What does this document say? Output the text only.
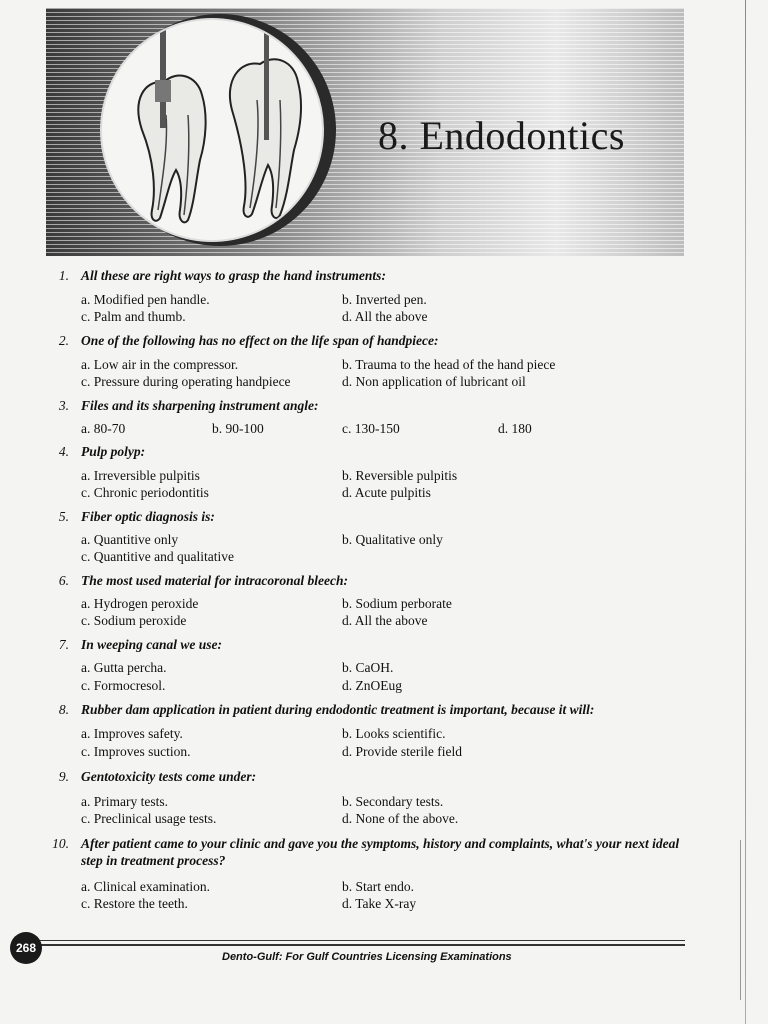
8. Endodontics
1. All these are right ways to grasp the hand instruments:
a. Modified pen handle.	b. Inverted pen.
c. Palm and thumb.	d. All the above
2. One of the following has no effect on the life span of handpiece:
a. Low air in the compressor.	b. Trauma to the head of the hand piece
c. Pressure during operating handpiece	d. Non application of lubricant oil
3. Files and its sharpening instrument angle:
a. 80-70	b. 90-100	c. 130-150	d. 180
4. Pulp polyp:
a. Irreversible pulpitis	b. Reversible pulpitis
c. Chronic periodontitis	d. Acute pulpitis
5. Fiber optic diagnosis is:
a. Quantitive only	b. Qualitative only
c. Quantitive and qualitative
6. The most used material for intracoronal bleech:
a. Hydrogen peroxide	b. Sodium perborate
c. Sodium peroxide	d. All the above
7. In weeping canal we use:
a. Gutta percha.	b. CaOH.
c. Formocresol.	d. ZnOEug
8. Rubber dam application in patient during endodontic treatment is important, because it will:
a. Improves safety.	b. Looks scientific.
c. Improves suction.	d. Provide sterile field
9. Gentotoxicity tests come under:
a. Primary tests.	b. Secondary tests.
c. Preclinical usage tests.	d. None of the above.
10. After patient came to your clinic and gave you the symptoms, history and complaints, what's your next ideal
step in treatment process?
a. Clinical examination.	b. Start endo.
c. Restore the teeth.	d. Take X-ray
268
Dento-Gulf: For Gulf Countries Licensing Examinations
